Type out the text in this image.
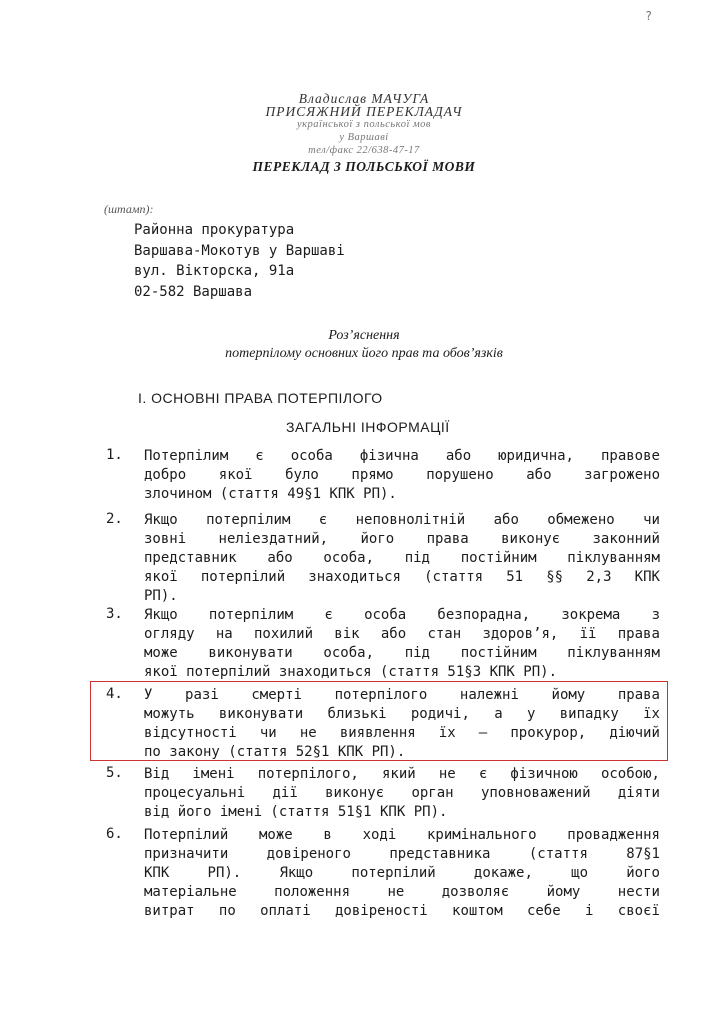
?
Владислав МАЧУГА
ПРИСЯЖНИЙ ПЕРЕКЛАДАЧ
української з польської мов
у Варшаві
тел/факс 22/638-47-17
ПЕРЕКЛАД З ПОЛЬСЬКОЇ МОВИ
(штамп):
Районна прокуратура
Варшава-Мокотув у Варшаві
вул. Вікторска, 91а
02-582 Варшава
Роз’яснення
потерпілому основних його прав та обов’язків
І. ОСНОВНІ ПРАВА ПОТЕРПІЛОГО
ЗАГАЛЬНІ ІНФОРМАЦІЇ
1.	Потерпілим є особа фізична або юридична, правове
добро якої було прямо порушено або загрожено
злочином (стаття 49§1 КПК РП).
2.	Якщо потерпілим є неповнолітній або обмежено чи
зовні неліездатний, його права виконує законний
представник або особа, під постійним піклуванням
якої потерпілий знаходиться (стаття 51 §§ 2,3 КПК
РП).
3.	Якщо потерпілим є особа безпорадна, зокрема з
огляду на похилий вік або стан здоров’я, її права
може виконувати особа, під постійним піклуванням
якої потерпілий знаходиться (стаття 51§3 КПК РП).
4.	У разі смерті потерпілого належні йому права
можуть виконувати близькі родичі, а у випадку їх
відсутності чи не виявлення їх – прокурор, діючий
по закону (стаття 52§1 КПК РП).
5.	Від імені потерпілого, який не є фізичною особою,
процесуальні дії виконує орган уповноважений діяти
від його імені (стаття 51§1 КПК РП).
6.	Потерпілий може в ході кримінального провадження
призначити	довіреного	представника	(стаття	87§1
КПК	РП).	Якщо	потерпілий	докаже,	що	його
матеріальне	положення	не	дозволяє	йому	нести
витрат по оплаті довіреності коштом себе і своєї
